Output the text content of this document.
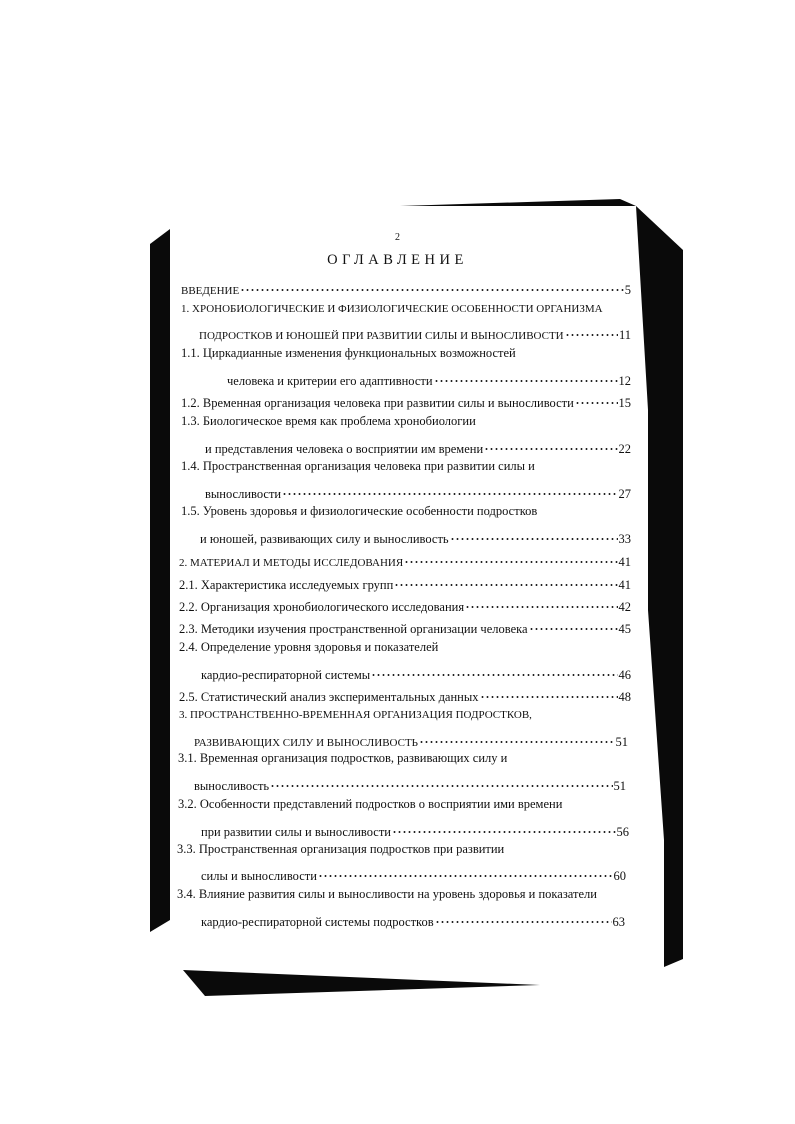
2
ОГЛАВЛЕНИЕ
ВВЕДЕНИЕ	5
1. ХРОНОБИОЛОГИЧЕСКИЕ И ФИЗИОЛОГИЧЕСКИЕ ОСОБЕННОСТИ ОРГАНИЗМА
ПОДРОСТКОВ И ЮНОШЕЙ ПРИ РАЗВИТИИ СИЛЫ И ВЫНОСЛИВОСТИ	11
1.1. Циркадианные изменения функциональных возможностей
человека и критерии его адаптивности	12
1.2. Временная организация человека при развитии силы и выносливости	15
1.3. Биологическое время как проблема хронобиологии
и представления человека о восприятии им времени	22
1.4. Пространственная организация человека при развитии силы и
выносливости	27
1.5. Уровень здоровья и физиологические особенности подростков
и юношей, развивающих силу и выносливость	33
2. МАТЕРИАЛ И МЕТОДЫ ИССЛЕДОВАНИЯ	41
2.1. Характеристика исследуемых групп	41
2.2. Организация хронобиологического исследования	42
2.3. Методики изучения пространственной организации человека	45
2.4. Определение уровня здоровья и показателей
кардио-респираторной системы	46
2.5. Статистический анализ экспериментальных данных	48
3. ПРОСТРАНСТВЕННО-ВРЕМЕННАЯ ОРГАНИЗАЦИЯ ПОДРОСТКОВ,
РАЗВИВАЮЩИХ СИЛУ И ВЫНОСЛИВОСТЬ	51
3.1. Временная организация подростков, развивающих силу и
выносливость	51
3.2. Особенности представлений подростков о восприятии ими времени
при развитии силы и выносливости	56
3.3. Пространственная организация подростков при развитии
силы и выносливости	60
3.4. Влияние развития силы и выносливости на уровень здоровья и показатели
кардио-респираторной системы подростков	63
